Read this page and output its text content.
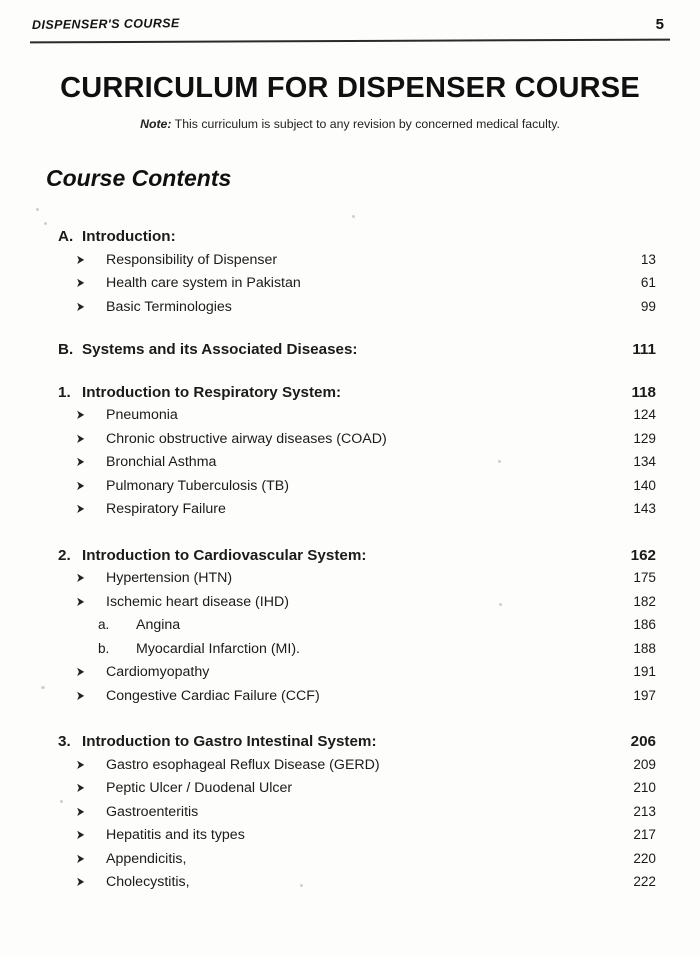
DISPENSER'S COURSE	5
CURRICULUM FOR DISPENSER COURSE
Note: This curriculum is subject to any revision by concerned medical faculty.
Course Contents
A. Introduction:
➤	Responsibility of Dispenser	13
➤	Health care system in Pakistan	61
➤	Basic Terminologies	99
B. Systems and its Associated Diseases:	111
1. Introduction to Respiratory System:	118
➤	Pneumonia	124
➤	Chronic obstructive airway diseases (COAD)	129
➤	Bronchial Asthma	134
➤	Pulmonary Tuberculosis (TB)	140
➤	Respiratory Failure	143
2. Introduction to Cardiovascular System:	162
➤	Hypertension (HTN)	175
➤	Ischemic heart disease (IHD)	182
a.	Angina	186
b.	Myocardial Infarction (MI).	188
➤	Cardiomyopathy	191
➤	Congestive Cardiac Failure (CCF)	197
3. Introduction to Gastro Intestinal System:	206
➤	Gastro esophageal Reflux Disease (GERD)	209
➤	Peptic Ulcer / Duodenal Ulcer	210
➤	Gastroenteritis	213
➤	Hepatitis and its types	217
➤	Appendicitis,	220
➤	Cholecystitis,	222
